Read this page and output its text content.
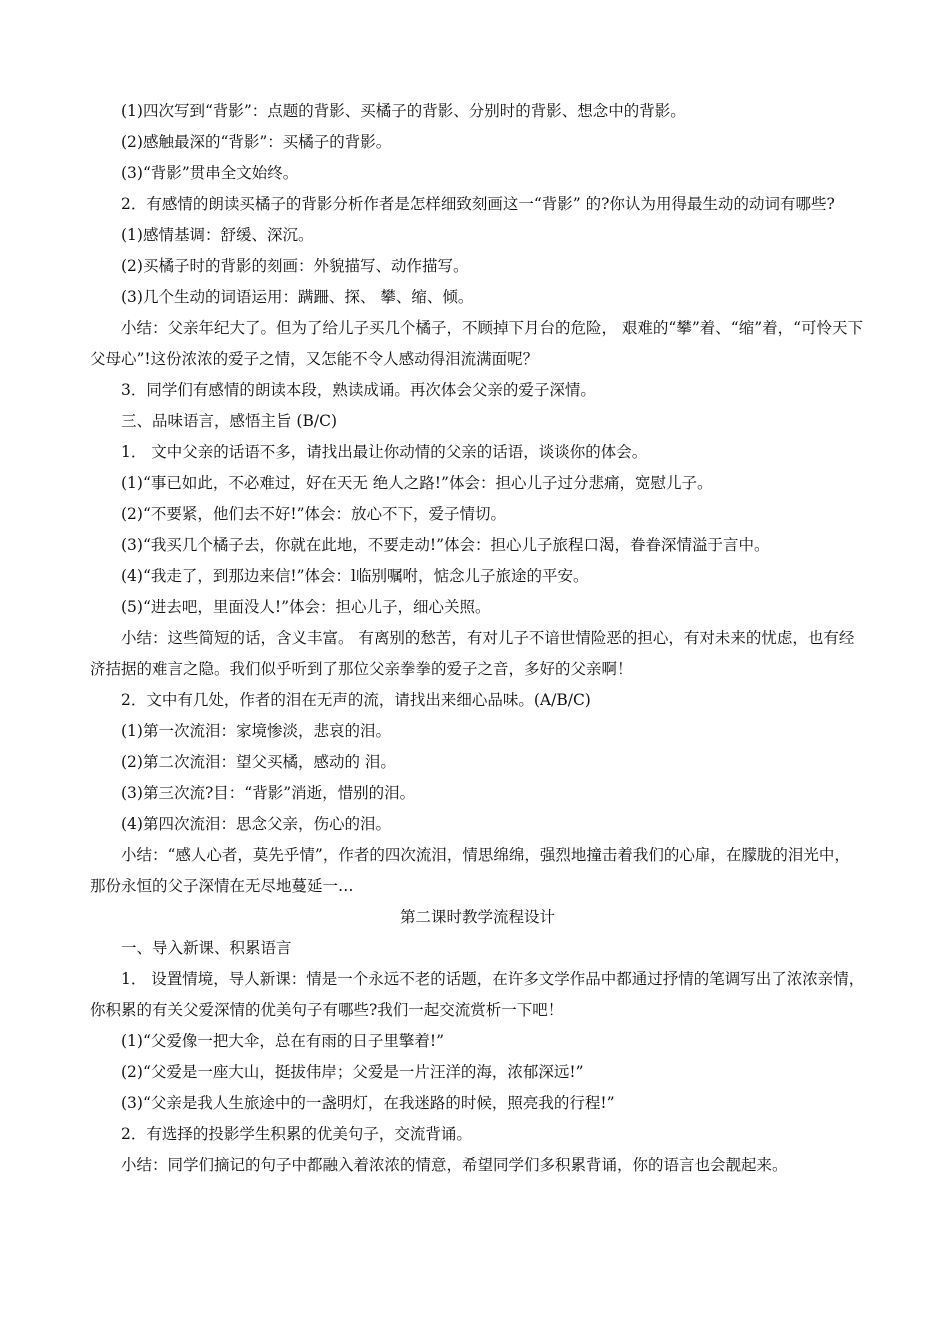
(1)四次写到“背影”：点题的背影、买橘子的背影、分别时的背影、想念中的背影。

(2)感触最深的“背影”：买橘子的背影。

(3)“背影”贯串全文始终。

2．有感情的朗读买橘子的背影分析作者是怎样细致刻画这一“背影” 的?你认为用得最生动的动词有哪些?

(1)感情基调：舒缓、深沉。

(2)买橘子时的背影的刻画：外貌描写、动作描写。

(3)几个生动的词语运用：蹒跚、探、 攀、缩、倾。

小结：父亲年纪大了。但为了给儿子买几个橘子，不顾掉下月台的危险， 艰难的“攀”着、“缩”着，“可怜天下父母心”!这份浓浓的爱子之情，又怎能不令人感动得泪流满面呢？

3．同学们有感情的朗读本段，熟读成诵。再次体会父亲的爱子深情。

三、品味语言，感悟主旨 (B/C)

1． 文中父亲的话语不多，请找出最让你动情的父亲的话语，谈谈你的体会。

(1)“事已如此，不必难过，好在天无 绝人之路!”体会：担心儿子过分悲痛，宽慰儿子。

(2)“不要紧，他们去不好!”体会：放心不下，爱子情切。

(3)“我买几个橘子去，你就在此地，不要走动!”体会：担心儿子旅程口渴，眷眷深情溢于言中。

(4)“我走了，到那边来信!”体会：l临别嘱咐，惦念儿子旅途的平安。

(5)“进去吧，里面没人!”体会：担心儿子，细心关照。

小结：这些简短的话，含义丰富。 有离别的愁苦，有对儿子不谙世情险恶的担心，有对未来的忧虑，也有经济拮据的难言之隐。我们似乎听到了那位父亲拳拳的爱子之音，多好的父亲啊！

2．文中有几处，作者的泪在无声的流，请找出来细心品味。(A/B/C)

(1)第一次流泪：家境惨淡，悲哀的泪。

(2)第二次流泪：望父买橘，感动的 泪。

(3)第三次流?目：“背影”消逝，惜别的泪。

(4)第四次流泪：思念父亲，伤心的泪。

小结：“感人心者，莫先乎情”，作者的四次流泪，情思绵绵，强烈地撞击着我们的心扉，在朦胧的泪光中，那份永恒的父子深情在无尽地蔓延一…

第二课时教学流程设计

一、导入新课、积累语言

1． 设置情境，导人新课：情是一个永远不老的话题，在许多文学作品中都通过抒情的笔调写出了浓浓亲情，你积累的有关父爱深情的优美句子有哪些?我们一起交流赏析一下吧！

(1)“父爱像一把大伞，总在有雨的日子里擎着!”

(2)“父爱是一座大山，挺拔伟岸；父爱是一片汪洋的海，浓郁深远!”

(3)“父亲是我人生旅途中的一盏明灯，在我迷路的时候，照亮我的行程!”

2．有选择的投影学生积累的优美句子，交流背诵。

小结：同学们摘记的句子中都融入着浓浓的情意，希望同学们多积累背诵，你的语言也会靓起来。
